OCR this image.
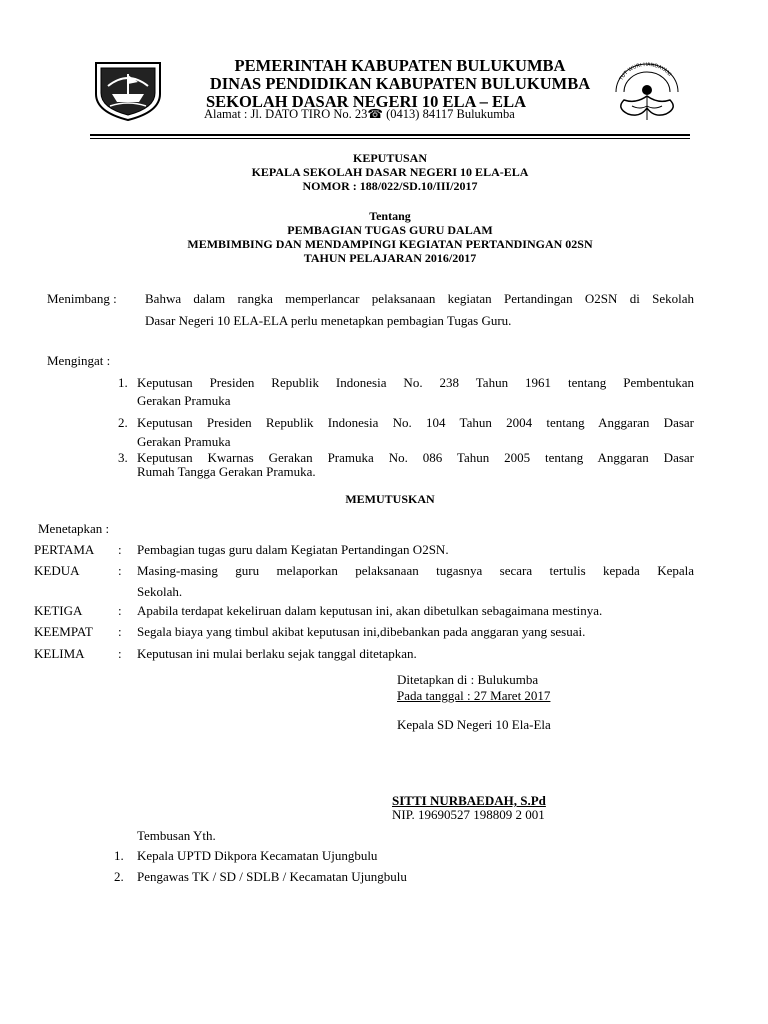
PEMERINTAH KABUPATEN BULUKUMBA
DINAS PENDIDIKAN KABUPATEN BULUKUMBA
SEKOLAH DASAR NEGERI 10 ELA – ELA
Alamat : Jl. DATO TIRO No. 23☎ (0413) 84117 Bulukumba
TUT WURI HANDAYANI
KEPUTUSAN
KEPALA SEKOLAH DASAR NEGERI 10 ELA-ELA
NOMOR : 188/022/SD.10/III/2017
Tentang
PEMBAGIAN TUGAS GURU DALAM
MEMBIMBING DAN MENDAMPINGI KEGIATAN PERTANDINGAN 02SN
TAHUN PELAJARAN 2016/2017
Menimbang : Bahwa dalam rangka memperlancar pelaksanaan kegiatan Pertandingan O2SN di Sekolah
Dasar Negeri 10 ELA-ELA perlu menetapkan pembagian Tugas Guru.
Mengingat :
1. Keputusan Presiden Republik Indonesia No. 238 Tahun 1961 tentang Pembentukan
Gerakan Pramuka
2. Keputusan Presiden Republik Indonesia No. 104 Tahun 2004 tentang Anggaran Dasar
Gerakan Pramuka
3. Keputusan Kwarnas Gerakan Pramuka No. 086 Tahun 2005 tentang Anggaran Dasar
Rumah Tangga Gerakan Pramuka.
MEMUTUSKAN
Menetapkan :
PERTAMA : Pembagian tugas guru dalam Kegiatan Pertandingan O2SN.
KEDUA	: Masing-masing guru melaporkan pelaksanaan tugasnya secara tertulis kepada Kepala
Sekolah.
KETIGA	: Apabila terdapat kekeliruan dalam keputusan ini, akan dibetulkan sebagaimana mestinya.
KEEMPAT : Segala biaya yang timbul akibat keputusan ini,dibebankan pada anggaran yang sesuai.
KELIMA	: Keputusan ini mulai berlaku sejak tanggal ditetapkan.
Ditetapkan di : Bulukumba
Pada tanggal : 27 Maret 2017
Kepala SD Negeri 10 Ela-Ela
SITTI NURBAEDAH, S.Pd
NIP. 19690527 198809 2 001
Tembusan Yth.
1. Kepala UPTD Dikpora Kecamatan Ujungbulu
2. Pengawas TK / SD / SDLB / Kecamatan Ujungbulu
